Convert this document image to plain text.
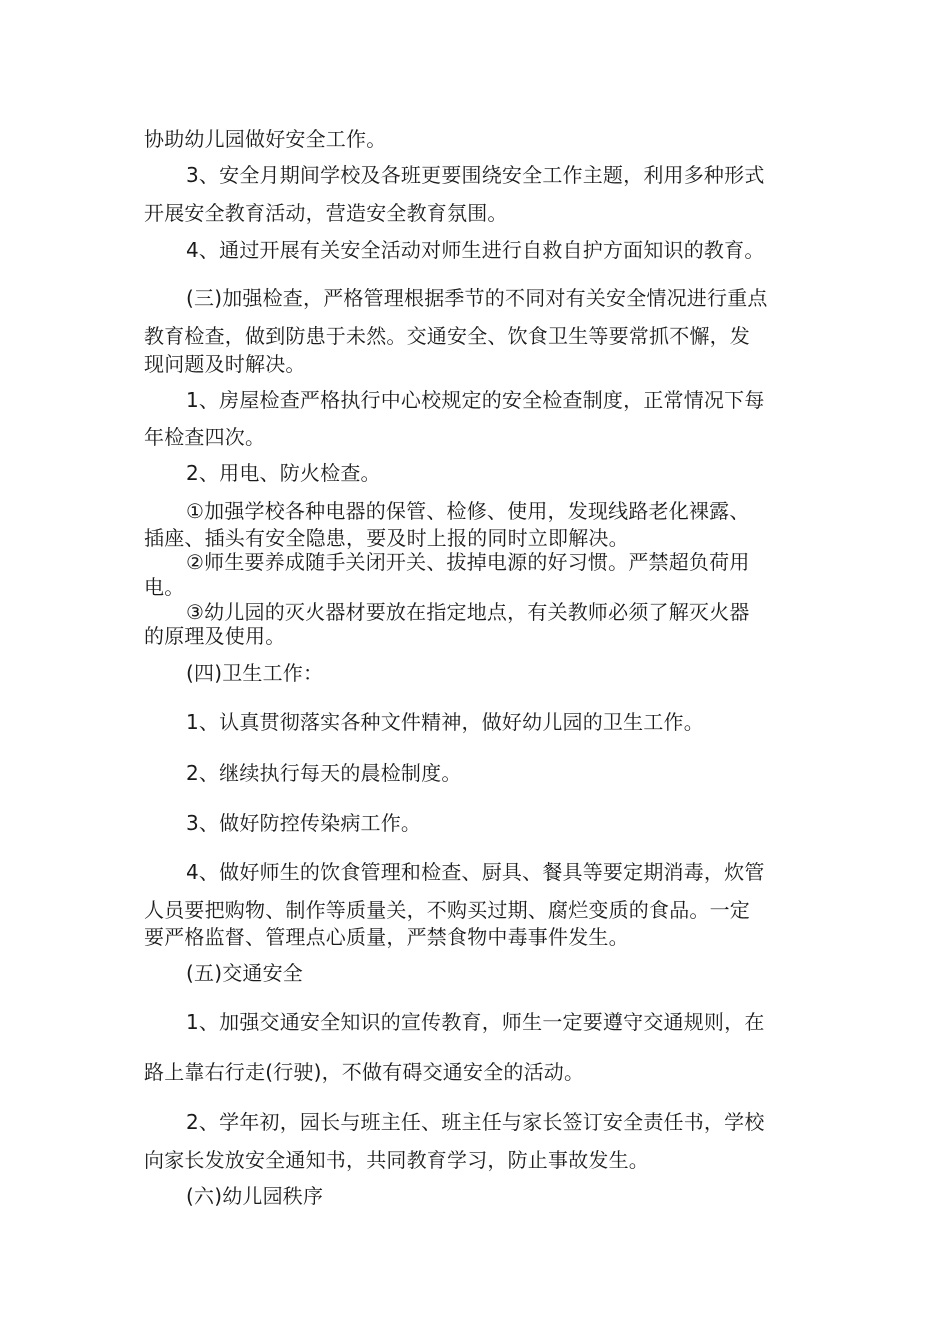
协助幼儿园做好安全工作。
3、安全月期间学校及各班更要围绕安全工作主题，利用多种形式
开展安全教育活动，营造安全教育氛围。
4、通过开展有关安全活动对师生进行自救自护方面知识的教育。
(三)加强检查，严格管理根据季节的不同对有关安全情况进行重点
教育检查，做到防患于未然。交通安全、饮食卫生等要常抓不懈，发
现问题及时解决。
1、房屋检查严格执行中心校规定的安全检查制度，正常情况下每
年检查四次。
2、用电、防火检查。
①加强学校各种电器的保管、检修、使用，发现线路老化裸露、
插座、插头有安全隐患，要及时上报的同时立即解决。
②师生要养成随手关闭开关、拔掉电源的好习惯。严禁超负荷用
电。
③幼儿园的灭火器材要放在指定地点，有关教师必须了解灭火器
的原理及使用。
(四)卫生工作：
1、认真贯彻落实各种文件精神，做好幼儿园的卫生工作。
2、继续执行每天的晨检制度。
3、做好防控传染病工作。
4、做好师生的饮食管理和检查、厨具、餐具等要定期消毒，炊管
人员要把购物、制作等质量关，不购买过期、腐烂变质的食品。一定
要严格监督、管理点心质量，严禁食物中毒事件发生。
(五)交通安全
1、加强交通安全知识的宣传教育，师生一定要遵守交通规则，在
路上靠右行走(行驶)，不做有碍交通安全的活动。
2、学年初，园长与班主任、班主任与家长签订安全责任书，学校
向家长发放安全通知书，共同教育学习，防止事故发生。
(六)幼儿园秩序
